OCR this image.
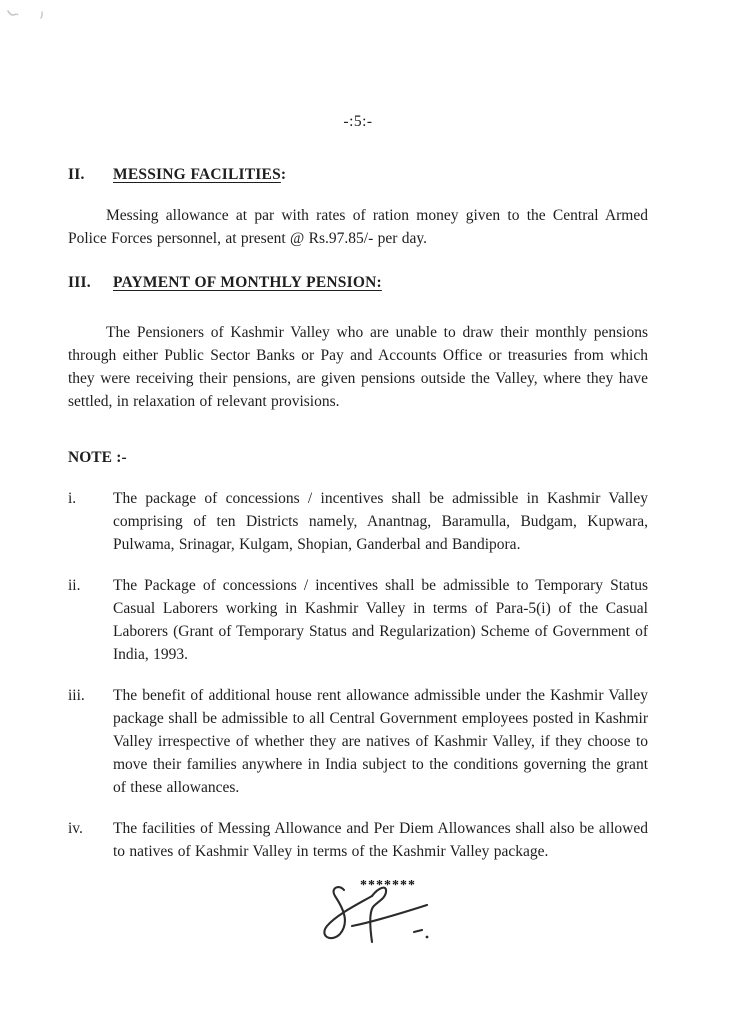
-:5:-
II.	MESSING FACILITIES:

Messing allowance at par with rates of ration money given to the Central Armed Police Forces personnel, at present @ Rs.97.85/- per day.

III.	PAYMENT OF MONTHLY PENSION:

The Pensioners of Kashmir Valley who are unable to draw their monthly pensions through either Public Sector Banks or Pay and Accounts Office or treasuries from which they were receiving their pensions, are given pensions outside the Valley, where they have settled, in relaxation of relevant provisions.

NOTE :-
i.	The package of concessions / incentives shall be admissible in Kashmir Valley comprising of ten Districts namely, Anantnag, Baramulla, Budgam, Kupwara, Pulwama, Srinagar, Kulgam, Shopian, Ganderbal and Bandipora.
ii.	The Package of concessions / incentives shall be admissible to Temporary Status Casual Laborers working in Kashmir Valley in terms of Para-5(i) of the Casual Laborers (Grant of Temporary Status and Regularization) Scheme of Government of India, 1993.
iii.	The benefit of additional house rent allowance admissible under the Kashmir Valley package shall be admissible to all Central Government employees posted in Kashmir Valley irrespective of whether they are natives of Kashmir Valley, if they choose to move their families anywhere in India subject to the conditions governing the grant of these allowances.
iv.	The facilities of Messing Allowance and Per Diem Allowances shall also be allowed to natives of Kashmir Valley in terms of the Kashmir Valley package.
*******
